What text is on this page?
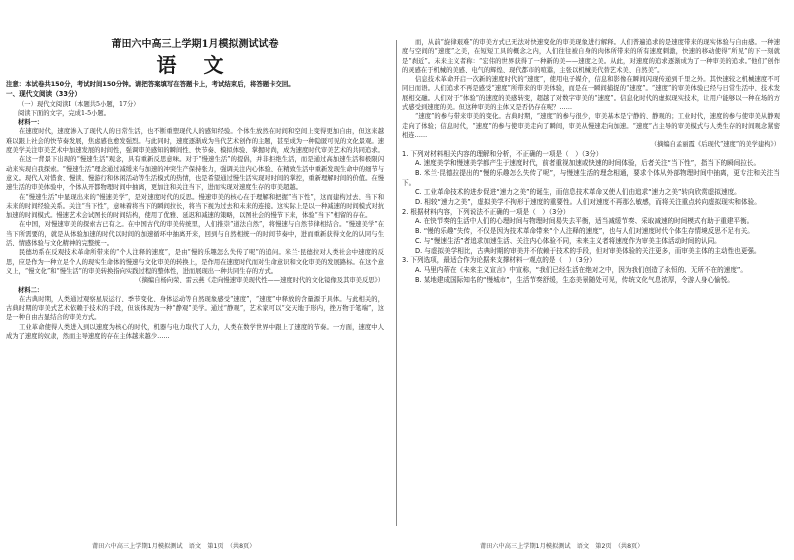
莆田六中高三上学期1月模拟测试试卷

语 文

注意：本试卷共150分，考试时间150分钟。请把答案填写在答题卡上，考试结束后，将答题卡交回。

一、现代文阅读（33分）

（一）现代文阅读Ⅰ（本题共5小题，17分）

阅读下面的文字，完成1-5小题。

材料一：

在速度时代，速度渗入了现代人的日常生活，也不断重塑现代人的感知经验。个体生放然在时间和空间上变得更加自由，但这来越难以跟上社会的快节奏发展，焦虑感也愈发强烈。与此同时，速度逐渐成为当代艺术创作的主题，甚至成为一种隐匿可见的文化景观。速度美学关注审美艺术中加速发展的时间性，强调审美感知的瞬间性、快节奏、模拟体验、掌握时尚，成为速度时代审美艺术的共同追求。

在这一背景下出现的“慢速生活”观念，具有重新反思意味。对于“慢速生活”的提倡，并非拒绝生活，而是通过高加速生活和极限闪动来实现自我探索。“慢速生活”理念通过减缓来与加速的冲突生产保持张力，强调关注内心体验、在精致生活中重新发现生命中的细节与意义。现代人对惜食、慢读、慢游行和休闲活动等生活模式的热情，也是希望通过慢生活实现对时间的掌控，重新理解时间的价值。在慢速生活的审美体验中，个体从开都物理时间中抽离，更加注和关注当下，进而实现对速度生存的审美超越。

在“慢速生活”中显现出来的“慢速美学”，是对速度时代的反思。慢速审美的核心在于理解和把握“当下性”，这而建构过去、当下和未来的时间经验关系。关注“当下性”，意味着将当下的瞬间拉长，将当下视为过去和未来的连接。这实际上是以一种减速的时间模式对抗加速的时间模式。慢速艺术会试图长的时间结构，使用了优雅、延迟和减速的策略，以图社会的慢节下来，体验“当下”相留的存在。

在中国，对慢速审美的探索古已有之。在中国古代的审美传统里，人们推崇“道法自然”，将慢速与自然节律相结合。“慢速美学”在当下所需要的，就是从体验加速的时代以时间的加速循环中抽离开来，回到与自然相统一的时间节奏中，进而重新获得文化的认同与生活、情感体验与文化精神的完整统一。

民德坊系在反观技术革命所带来的“个人注释的速度”，是由“慢的乐趣怎么失传了呢”的追问。米兰·昆德拉对人类社会中速度的反思，应是作为一种立足个人的现实生命体的慢速与文化审美的转换上，是作用在速度时代而对生命意识和文化审美的发展路标。在这个意义上，“慢文化”和“慢生活”的审美转换指向实践过程的整体性，进而展现出一种共同生存的方式。

（摘编自杨向荣、雷云燕《走向慢速审美现代性——速度时代的文化镜像及其审美反思》）

材料二：

在古典时期，人类通过观察星辰运行、季节变化、身体运动等自然现象感受“速度”，“速度”中释放的含量源于具体。与此相关的，古典时期的审美式艺术依赖于技术的手段，但该体现为一种“静观”美学。通过“静观”，艺术家可以“交天地于形内，挫万物于笔端”，这是一种自由古显结合的审美方式。

工业革命使得人类进入到以速度为核心的时代，机器与电力取代了人力，人类在数学世界中跟上了速度的节奏。一方面，速度中人成为了速度的奴隶，然而主导速度的存在主体越来越少……

而，从前“旋律艰难”的审美方式已无法对快速变化的审美现象进行解释。人们普遍追求的是速度带来的现实体验与自由感。一种速度与空间的“速度”之美，在短短工具的概念之内，人们往往被自身的肉体所带来的所有速度刺激，快速的移动使得“所见”的下一刻就是“刹近”。未来主义者称：“宏伟的世界获得了一种新的美——速度之美。从此，对速度的追求逐渐成为了一种审美的追求。”他们“创作的灵感在于机械的美感、电气的辉煌、现代都市的喧嚣，主张以机械美代替艺术美、自然美”。

信息技术革命开启一次新的速度时代的“速度”，使用电子媒介，信息和影像在瞬间闪现传递到千里之外。其快速较之机械速度不可同日而语。人们追求不再是感受“速度”所带来的审美体验，而是在一瞬间捕捉的“速度”。“速度”的审美体验已经与日常生活中、技术发展相交融。人们对于“体验”的速度的美感转变，超越了对数字审美的“速度”。信息化时代的虚拟现实技术，让用户能够以一种在场的方式感受到速度的美。但这种审美的主体又是否仍存在呢？……

“速度”的参与带来审美的变化。古典时期，“速度”的参与很少，审美基本是宁静的、静观的；工业时代，速度的参与使审美从静观走向了体验；信息时代，“速度”的参与使审美走向了瞬间，审美从慢速走向加速。“速度”占主导的审美模式与人类生存的时间观念紧密相连……

（摘编自孟丽霞《后现代“速度”的美学建构》）

1. 下列对材料相关内容的理解和分析，不正确的一项是（　）（3分）

A. 速度美学和慢速美学都产生于速度时代，前者重视加速或快速的时间体验，后者关注“当下性”，指当下的瞬间拉长。

B. 米兰·昆德拉提出的“慢的乐趣怎么失传了呢”，与慢速生活的理念相通，要求个体从外部物理时间中抽离，更专注和关注当下。

C. 工业革命技术的进步促进“速力之美”的诞生，而信息技术革命又使人们由追求“速力之美”转向欣赏虚拟速度。

D. 相较“速力之美”，虚拟美学不拘形于速度的重要性。人们对速度不再那么敏感，而将关注重点转向虚拟现实和体验。

2. 根据材料内容，下列说法不正确的一项是（　）（3分）

A. 在快节奏的生活中人们的心理时间与物理时间易失去平衡，适当减缓节奏、采取减速的时间模式有助于重建平衡。

B. “慢的乐趣”失传，不仅是因为技术革命带来“个人注释的速度”，也与人们对速度时代个体生存情境反思不足有关。

C. 与“慢速生活”者追求加速生活、关注内心体验不同，未来主义者将速度作为审美主体活动时间的认同。

D. 与虚拟美学相比，古典时期的审美并不依赖于技术的手段，但对审美体验的关注更多，而审美主体的主动性也更强。

3. 下列选项，最适合作为论据来支撑材料一观点的是（　）（3分）

A. 马里内蒂在《未来主义宣言》中宣称，“我们已经生活在绝对之中，因为我们创造了永恒的、无所不在的速度”。

B. 某地建成国际知名的“慢城市”，生活节奏舒缓，生态美景随处可见，传统文化气息浓厚，令游人身心愉悦。

莆田六中高三上学期1月模拟测试　语文　第1页　（共8页）	莆田六中高三上学期1月模拟测试　语文　第2页　（共8页）
